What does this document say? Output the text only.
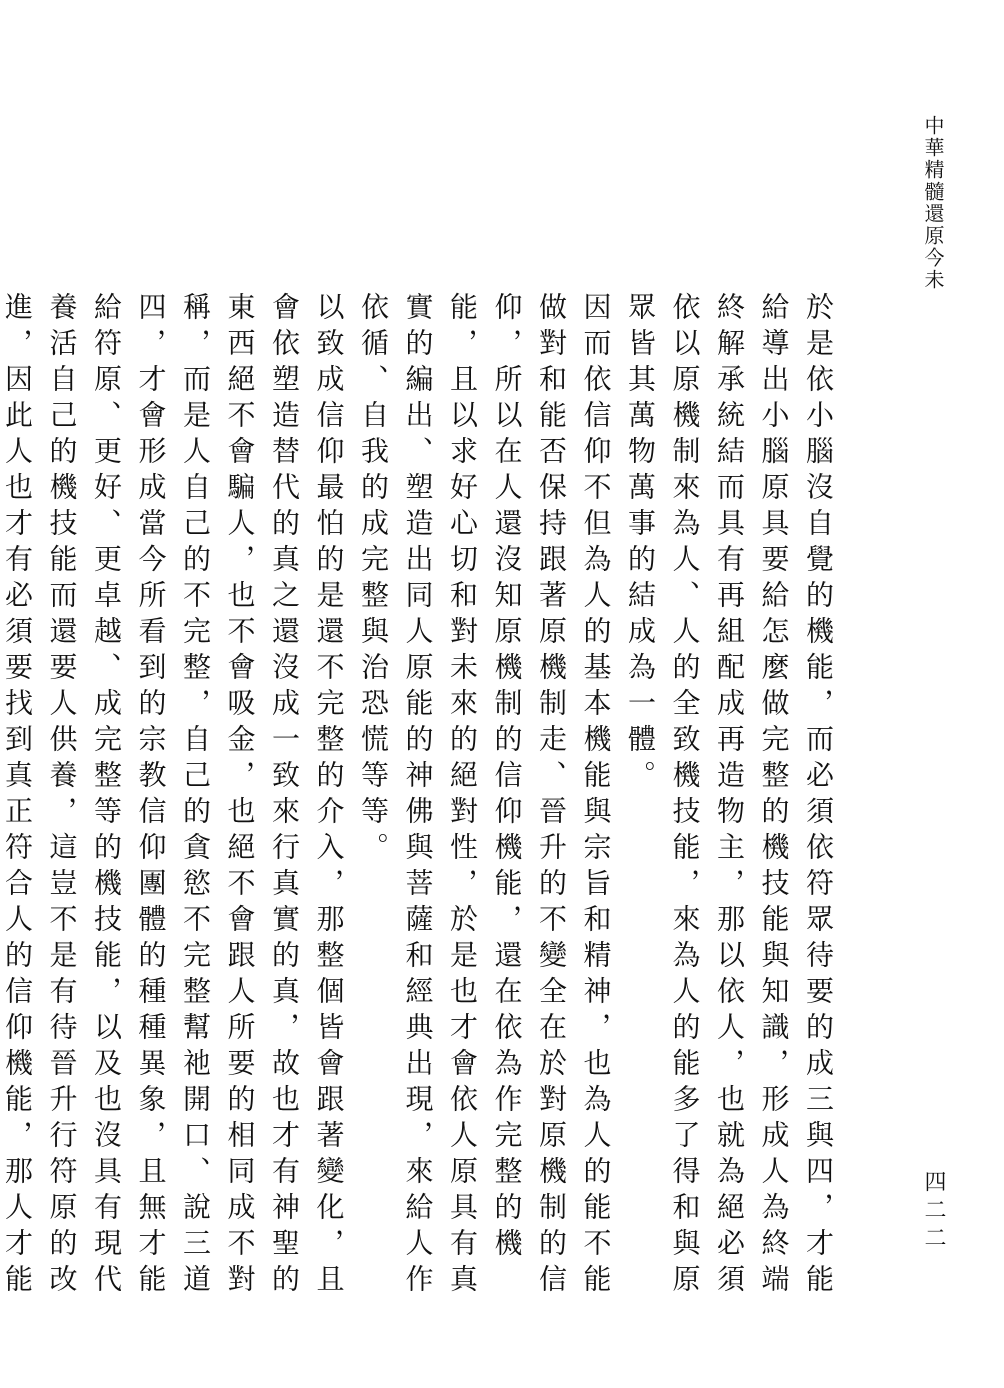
中華精髓還原今未

於是依小腦沒自覺的機能，而必須依符眾待要的成三與四，才能給導出小腦原具要給怎麼做完整的機技能與知識，形成人為終端終解承統結而具有再組配成再造物主，那以依人，也就為絕必須依以原機制來為人、人的全致機技能，來為人的能多了得和與原眾皆其萬物萬事的結成為一體。

因而依信仰不但為人的基本機能與宗旨和精神，也為人的能不能做對和能否保持跟著原機制走、晉升的不變全在於對原機制的信仰，所以在人還沒知原機制的信仰機能，還在依為作完整的機能，且以求好心切和對未來的絕對性，於是也才會依人原具有真實的編出、塑造出同人原能的神佛與菩薩和經典出現，來給人作依循、自我的成完整與治恐慌等等。

以致成信仰最怕的是還不完整的介入，那整個皆會跟著變化，且會依塑造替代的真之還沒成一致來行真實的真，故也才有神聖的東西絕不會騙人，也不會吸金，也絕不會跟人所要的相同成不對稱，而是人自己的不完整，自己的貪慾不完整幫祂開口、說三道四，才會形成當今所看到的宗教信仰團體的種種異象，且無才能給符原、更好、更卓越、成完整等的機技能，以及也沒具有現代養活自己的機技能而還要人供養，這豈不是有待晉升行符原的改進，因此人也才有必須要找到真正符合人的信仰機能，那人才能

四二二
